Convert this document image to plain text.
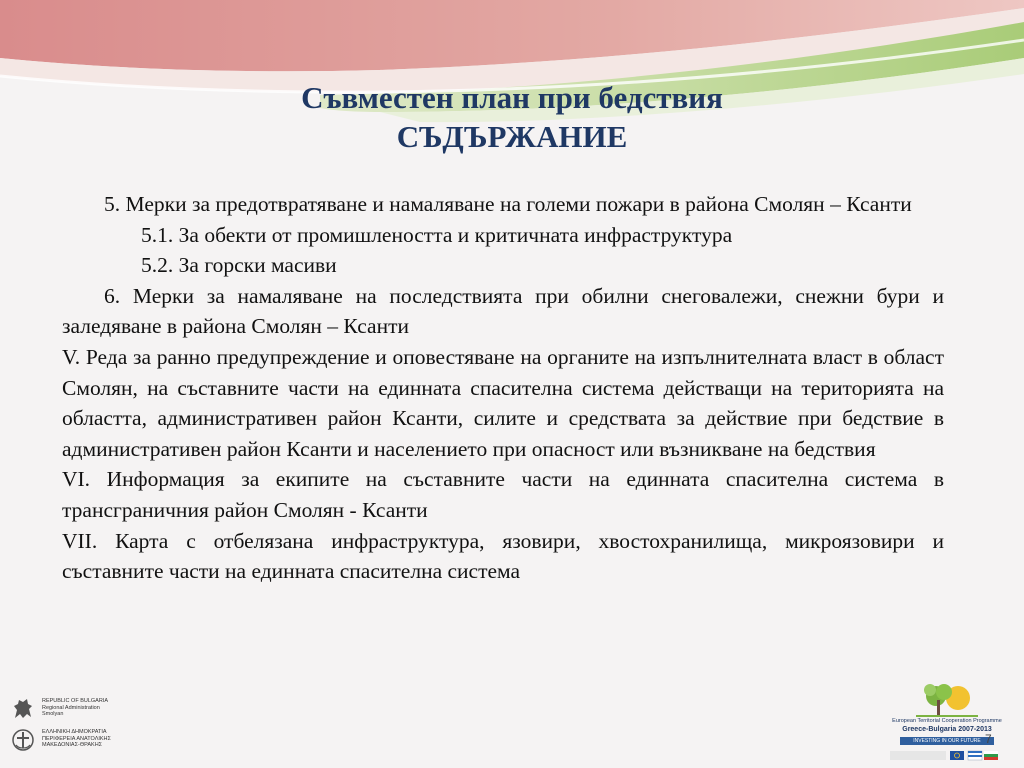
Съвместен план при бедствия
СЪДЪРЖАНИЕ

5. Мерки за предотвратяване и намаляване на големи пожари в района Смолян – Ксанти

5.1. За обекти от промишлеността и критичната инфраструктура

5.2. За горски масиви

6. Мерки за намаляване на последствията при обилни снеговалежи, снежни бури и заледяване в района Смолян – Ксанти

V. Реда за ранно предупреждение и оповестяване на органите на изпълнителната власт в област Смолян, на съставните части на единната спасителна система действащи на територията на областта, административен район Ксанти, силите и средствата за действие при бедствие в административен район Ксанти и населението при опасност или възникване на бедствия

VI. Информация за екипите на съставните части на единната спасителна система в трансграничния район Смолян - Ксанти

VII. Карта с отбелязана инфраструктура, язовири, хвостохранилища, микроязовири и съставните части на единната спасителна система

REPUBLIC OF BULGARIA
Regional Administration
Smolyan
ΕΛΛΗΝΙΚΗ ΔΗΜΟΚΡΑΤΙΑ
ΠΕΡΙΦΕΡΕΙΑ ΑΝΑΤΟΛΙΚΗΣ
ΜΑΚΕΔΟΝΙΑΣ-ΘΡΑΚΗΣ
European Territorial Cooperation Programme
Greece-Bulgaria 2007-2013
INVESTING IN OUR FUTURE 7
